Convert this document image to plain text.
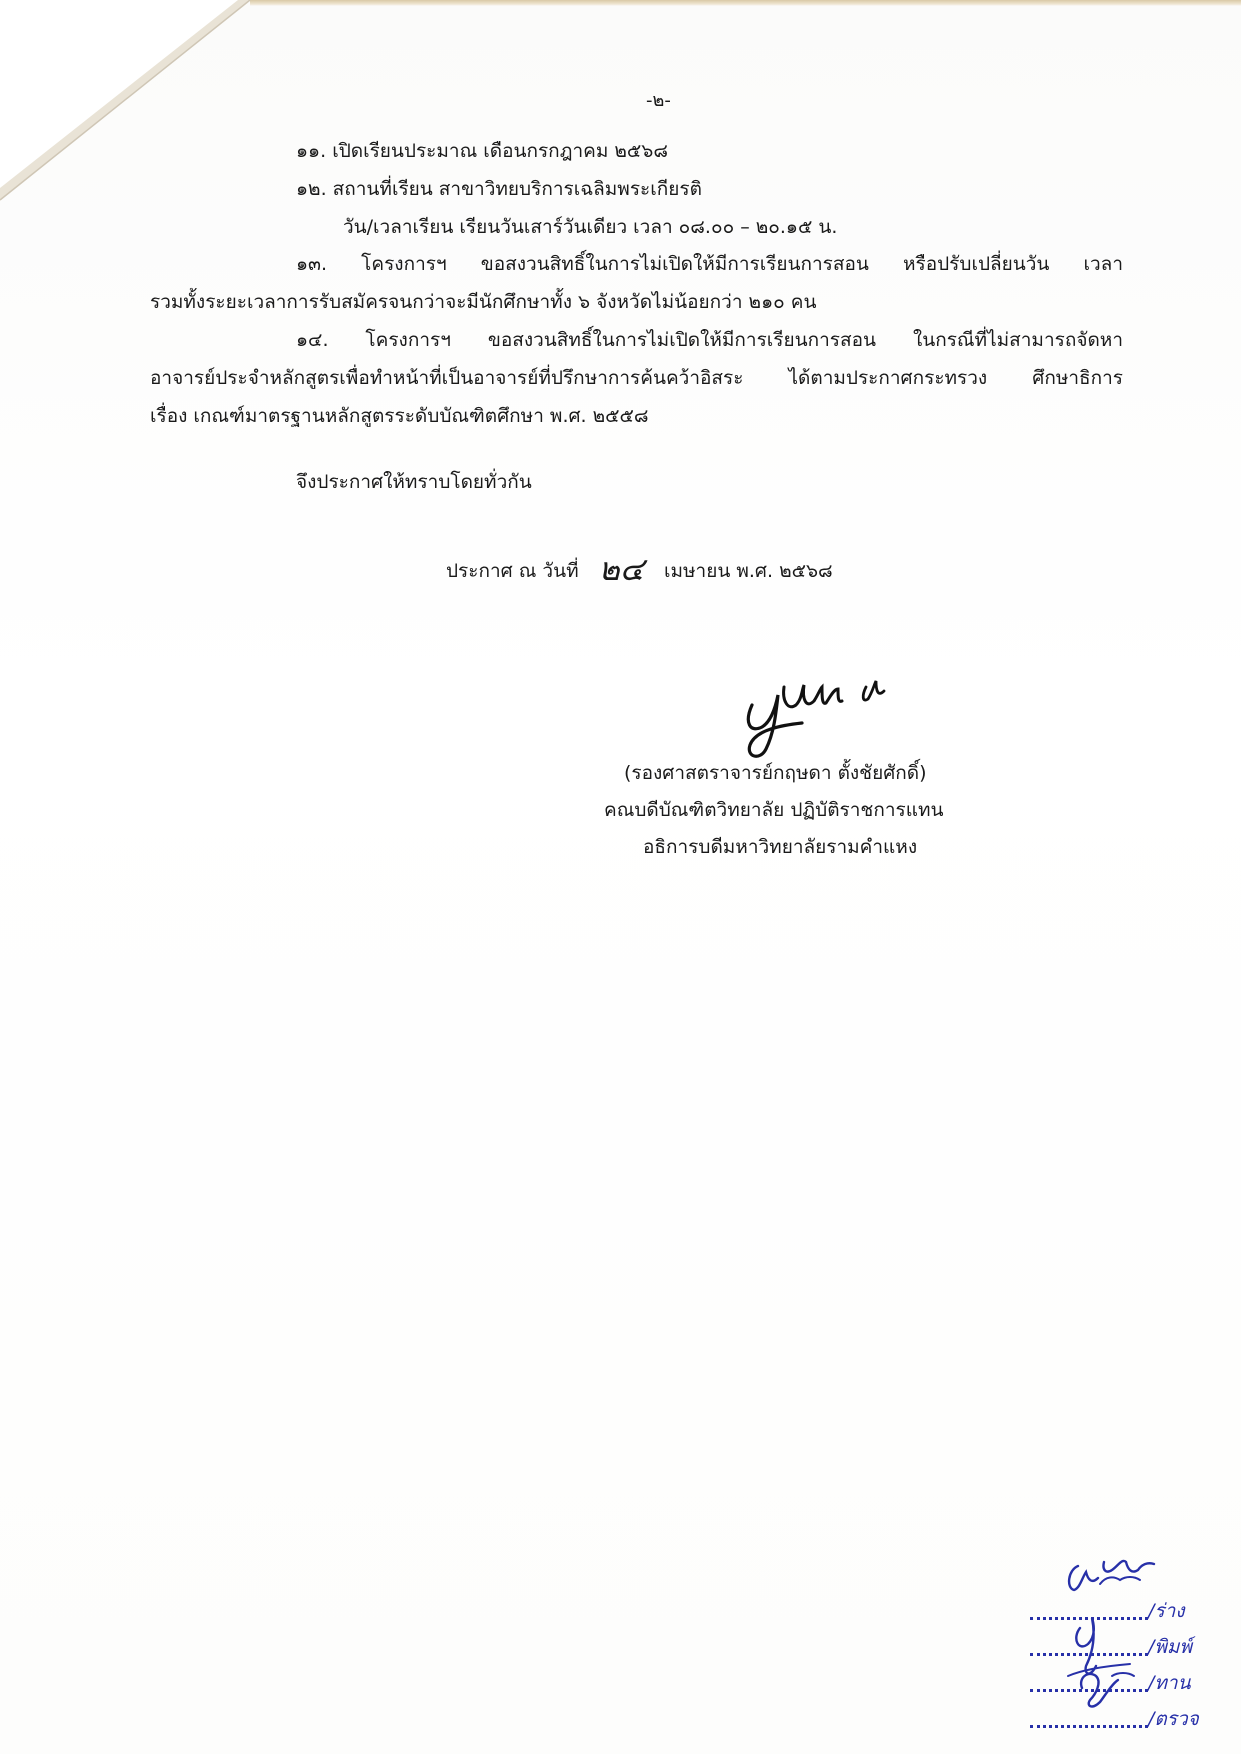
-๒-
๑๑. เปิดเรียนประมาณ เดือนกรกฎาคม ๒๕๖๘
๑๒. สถานที่เรียน สาขาวิทยบริการเฉลิมพระเกียรติ
วัน/เวลาเรียน เรียนวันเสาร์วันเดียว เวลา ๐๘.๐๐ – ๒๐.๑๕ น.
๑๓. โครงการฯ ขอสงวนสิทธิ์ในการไม่เปิดให้มีการเรียนการสอน หรือปรับเปลี่ยนวัน เวลา
รวมทั้งระยะเวลาการรับสมัครจนกว่าจะมีนักศึกษาทั้ง ๖ จังหวัดไม่น้อยกว่า ๒๑๐ คน
๑๔. โครงการฯ ขอสงวนสิทธิ์ในการไม่เปิดให้มีการเรียนการสอน ในกรณีที่ไม่สามารถจัดหา
อาจารย์ประจำหลักสูตรเพื่อทำหน้าที่เป็นอาจารย์ที่ปรึกษาการค้นคว้าอิสระ ได้ตามประกาศกระทรวง ศึกษาธิการ
เรื่อง เกณฑ์มาตรฐานหลักสูตรระดับบัณฑิตศึกษา พ.ศ. ๒๕๕๘
จึงประกาศให้ทราบโดยทั่วกัน
ประกาศ ณ วันที่ ๒๔ เมษายน พ.ศ. ๒๕๖๘
(รองศาสตราจารย์กฤษดา ตั้งชัยศักดิ์)
คณบดีบัณฑิตวิทยาลัย ปฏิบัติราชการแทน
อธิการบดีมหาวิทยาลัยรามคำแหง
/ร่าง
/พิมพ์
/ทาน
/ตรวจ
